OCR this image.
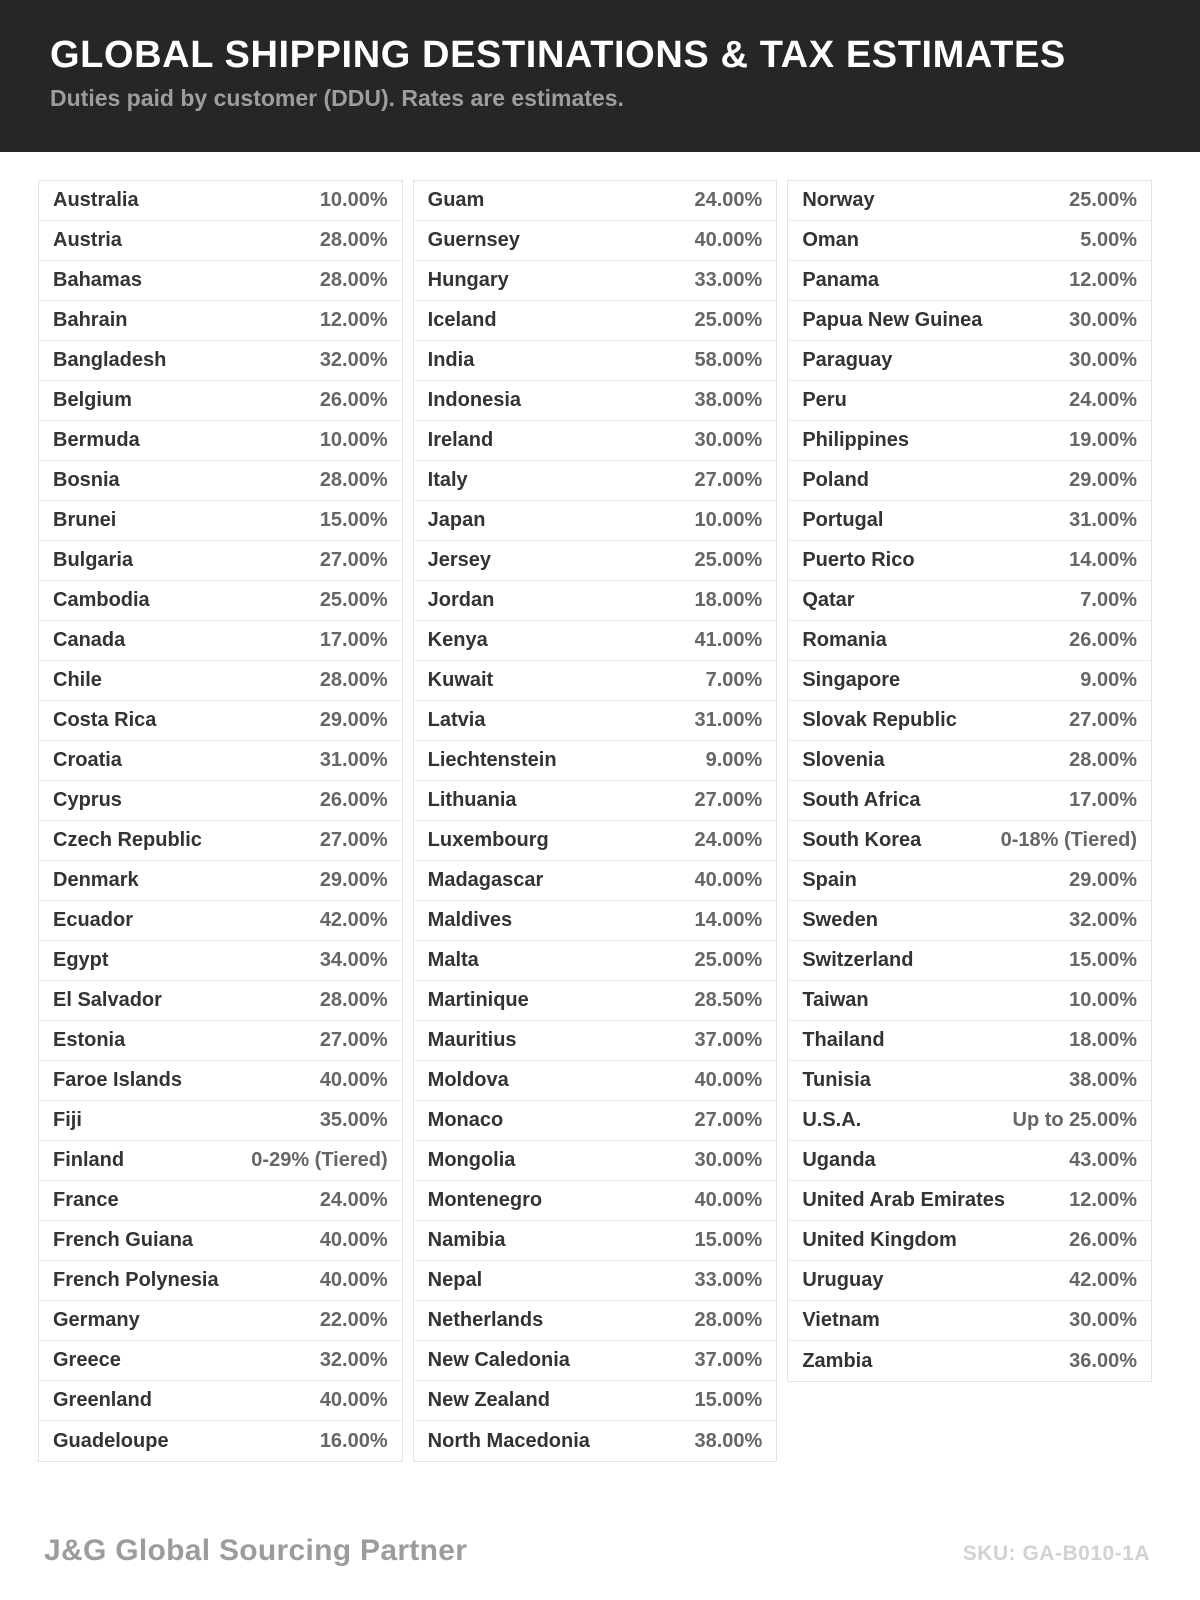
GLOBAL SHIPPING DESTINATIONS & TAX ESTIMATES

Duties paid by customer (DDU). Rates are estimates.

Australia	10.00%
Austria	28.00%
Bahamas	28.00%
Bahrain	12.00%
Bangladesh	32.00%
Belgium	26.00%
Bermuda	10.00%
Bosnia	28.00%
Brunei	15.00%
Bulgaria	27.00%
Cambodia	25.00%
Canada	17.00%
Chile	28.00%
Costa Rica	29.00%
Croatia	31.00%
Cyprus	26.00%
Czech Republic	27.00%
Denmark	29.00%
Ecuador	42.00%
Egypt	34.00%
El Salvador	28.00%
Estonia	27.00%
Faroe Islands	40.00%
Fiji	35.00%
Finland	0-29% (Tiered)
France	24.00%
French Guiana	40.00%
French Polynesia	40.00%
Germany	22.00%
Greece	32.00%
Greenland	40.00%
Guadeloupe	16.00%
Guam	24.00%
Guernsey	40.00%
Hungary	33.00%
Iceland	25.00%
India	58.00%
Indonesia	38.00%
Ireland	30.00%
Italy	27.00%
Japan	10.00%
Jersey	25.00%
Jordan	18.00%
Kenya	41.00%
Kuwait	7.00%
Latvia	31.00%
Liechtenstein	9.00%
Lithuania	27.00%
Luxembourg	24.00%
Madagascar	40.00%
Maldives	14.00%
Malta	25.00%
Martinique	28.50%
Mauritius	37.00%
Moldova	40.00%
Monaco	27.00%
Mongolia	30.00%
Montenegro	40.00%
Namibia	15.00%
Nepal	33.00%
Netherlands	28.00%
New Caledonia	37.00%
New Zealand	15.00%
North Macedonia	38.00%
Norway	25.00%
Oman	5.00%
Panama	12.00%
Papua New Guinea	30.00%
Paraguay	30.00%
Peru	24.00%
Philippines	19.00%
Poland	29.00%
Portugal	31.00%
Puerto Rico	14.00%
Qatar	7.00%
Romania	26.00%
Singapore	9.00%
Slovak Republic	27.00%
Slovenia	28.00%
South Africa	17.00%
South Korea	0-18% (Tiered)
Spain	29.00%
Sweden	32.00%
Switzerland	15.00%
Taiwan	10.00%
Thailand	18.00%
Tunisia	38.00%
U.S.A.	Up to 25.00%
Uganda	43.00%
United Arab Emirates	12.00%
United Kingdom	26.00%
Uruguay	42.00%
Vietnam	30.00%
Zambia	36.00%
J&G Global Sourcing Partner	SKU: GA-B010-1A
